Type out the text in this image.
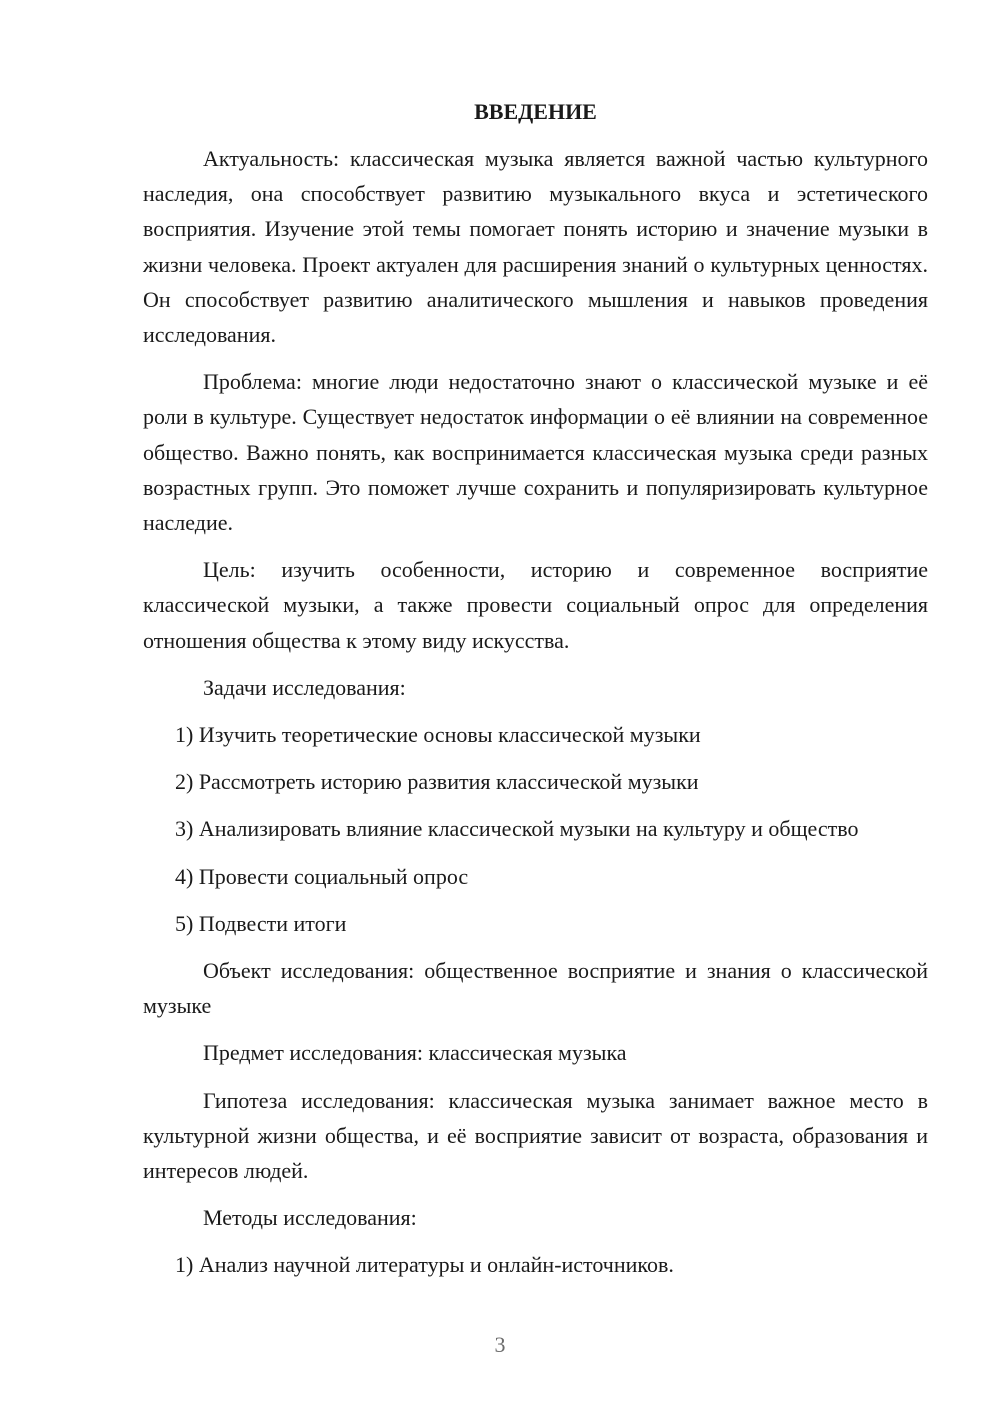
ВВЕДЕНИЕ

Актуальность: классическая музыка является важной частью культурного наследия, она способствует развитию музыкального вкуса и эстетического восприятия. Изучение этой темы помогает понять историю и значение музыки в жизни человека. Проект актуален для расширения знаний о культурных ценностях. Он способствует развитию аналитического мышления и навыков проведения исследования.

Проблема: многие люди недостаточно знают о классической музыке и её роли в культуре. Существует недостаток информации о её влиянии на современное общество. Важно понять, как воспринимается классическая музыка среди разных возрастных групп. Это поможет лучше сохранить и популяризировать культурное наследие.

Цель: изучить особенности, историю и современное восприятие классической музыки, а также провести социальный опрос для определения отношения общества к этому виду искусства.

Задачи исследования:

1) Изучить теоретические основы классической музыки

2) Рассмотреть историю развития классической музыки

3) Анализировать влияние классической музыки на культуру и общество

4) Провести социальный опрос

5) Подвести итоги

Объект исследования: общественное восприятие и знания о классической музыке

Предмет исследования: классическая музыка

Гипотеза исследования: классическая музыка занимает важное место в культурной жизни общества, и её восприятие зависит от возраста, образования и интересов людей.

Методы исследования:

1) Анализ научной литературы и онлайн-источников.

3
